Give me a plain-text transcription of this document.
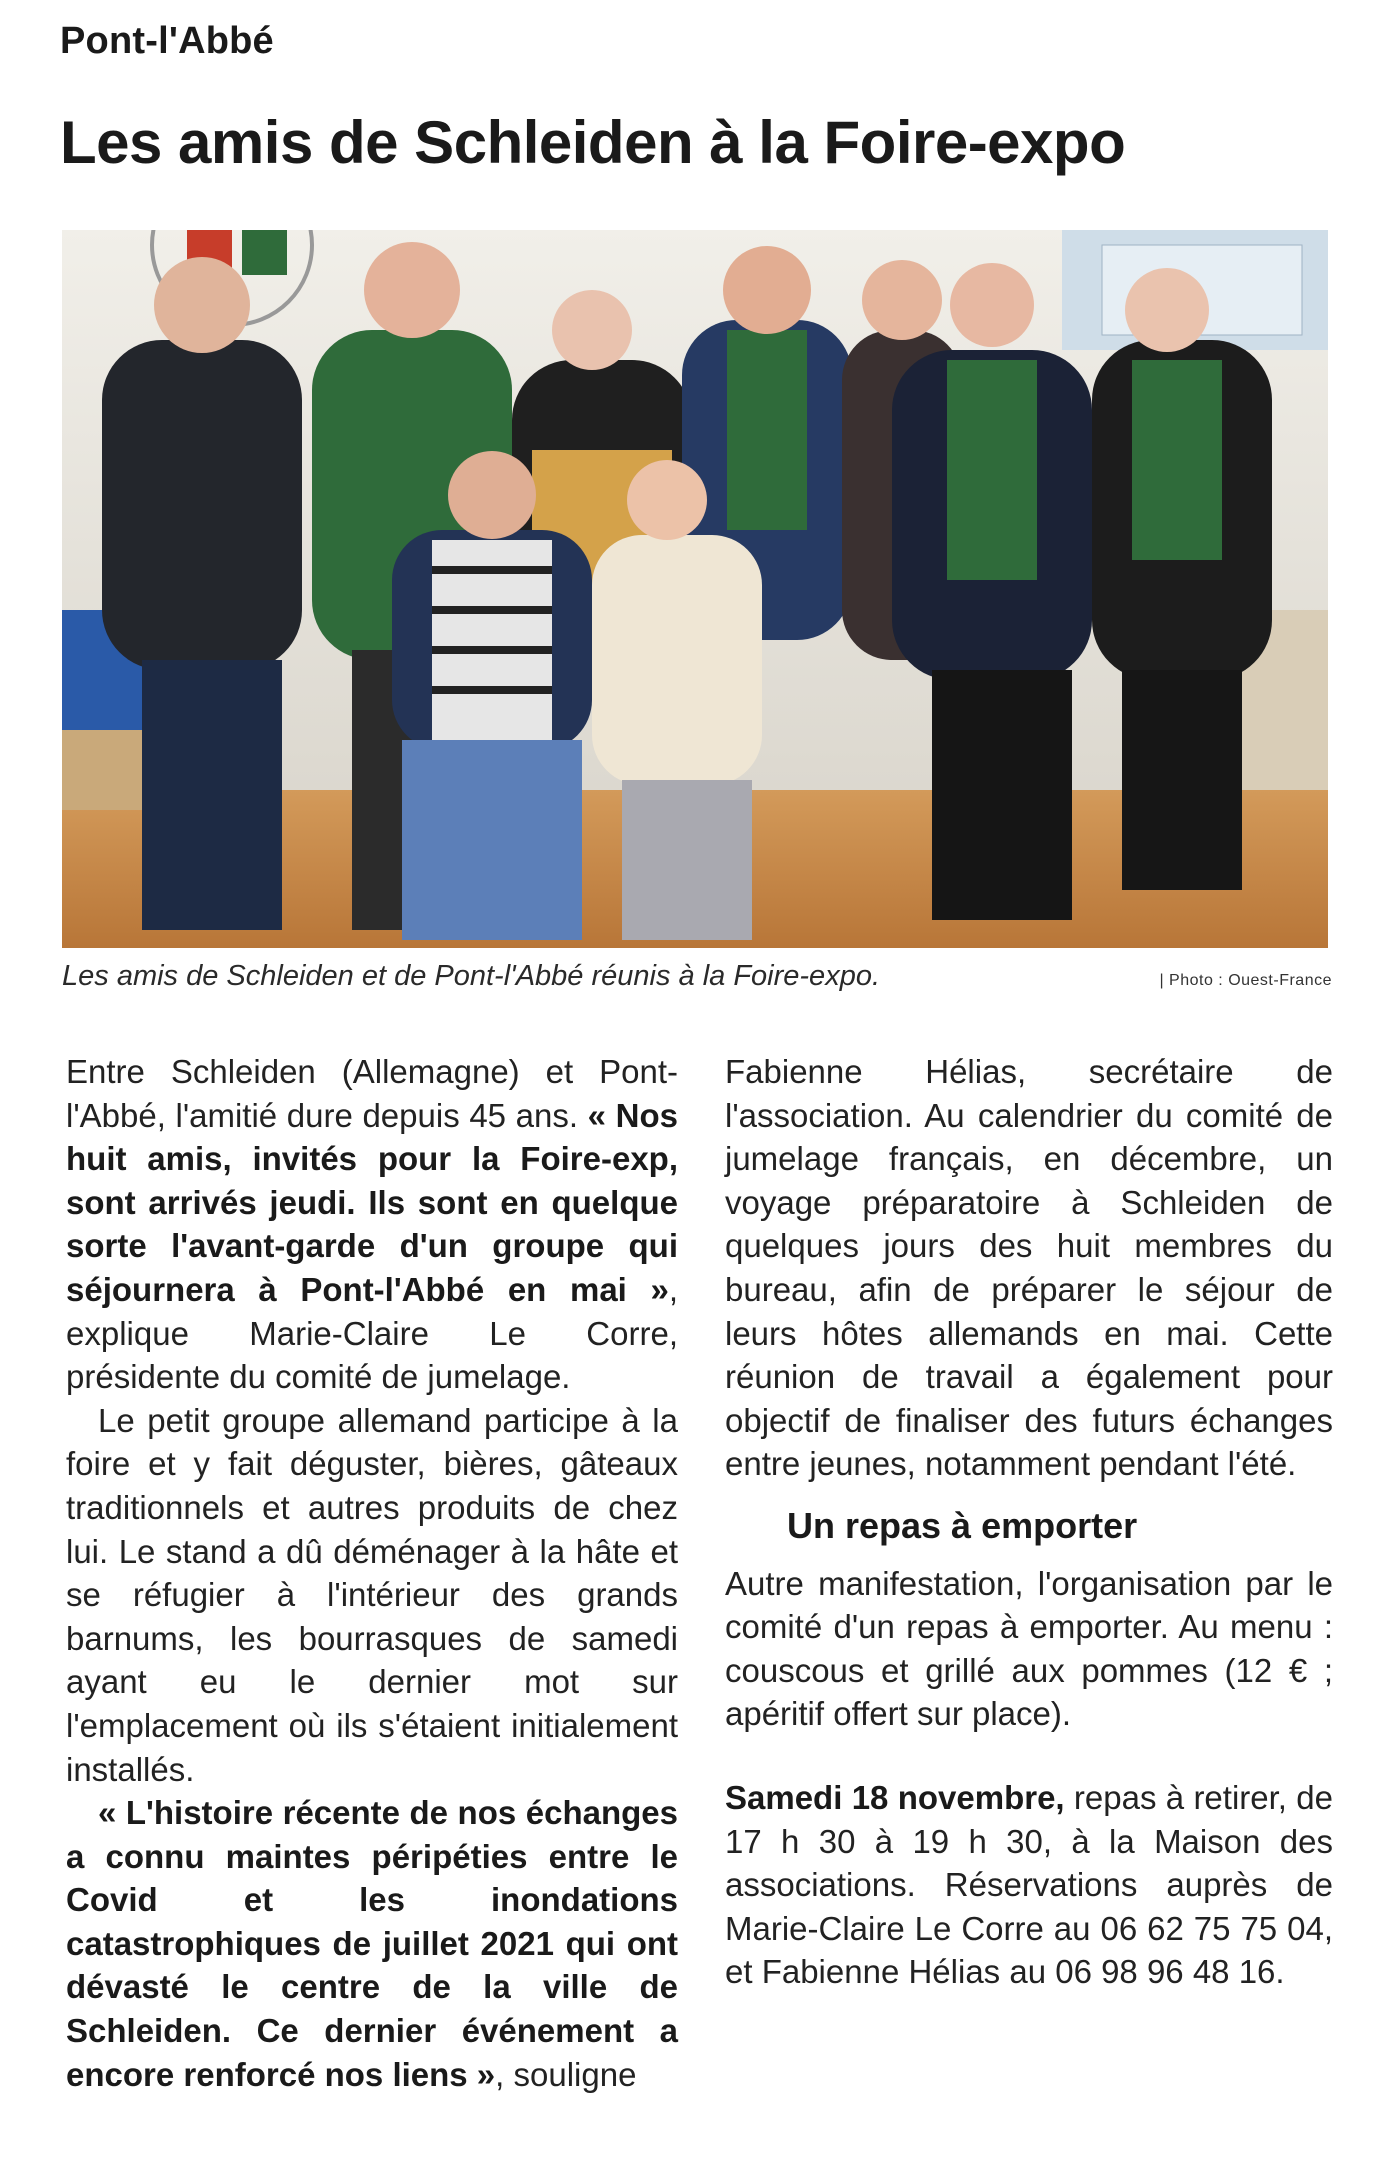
Pont-l'Abbé
Les amis de Schleiden à la Foire-expo
Les amis de Schleiden et de Pont-l'Abbé réunis à la Foire-expo.	| Photo : Ouest-France

Entre Schleiden (Allemagne) et Pont-l'Abbé, l'amitié dure depuis 45 ans. « Nos huit amis, invités pour la Foire-exp, sont arrivés jeudi. Ils sont en quelque sorte l'avant-garde d'un groupe qui séjournera à Pont-l'Abbé en mai », explique Marie-Claire Le Corre, présidente du comité de jumelage.

Le petit groupe allemand participe à la foire et y fait déguster, bières, gâteaux traditionnels et autres produits de chez lui. Le stand a dû déménager à la hâte et se réfugier à l'intérieur des grands barnums, les bourrasques de samedi ayant eu le dernier mot sur l'emplacement où ils s'étaient initialement installés.

« L'histoire récente de nos échanges a connu maintes péripéties entre le Covid et les inondations catastrophiques de juillet 2021 qui ont dévasté le centre de la ville de Schleiden. Ce dernier événement a encore renforcé nos liens », souligne

Fabienne Hélias, secrétaire de l'association. Au calendrier du comité de jumelage français, en décembre, un voyage préparatoire à Schleiden de quelques jours des huit membres du bureau, afin de préparer le séjour de leurs hôtes allemands en mai. Cette réunion de travail a également pour objectif de finaliser des futurs échanges entre jeunes, notamment pendant l'été.

Un repas à emporter

Autre manifestation, l'organisation par le comité d'un repas à emporter. Au menu : couscous et grillé aux pommes (12 € ; apéritif offert sur place).

Samedi 18 novembre, repas à retirer, de 17 h 30 à 19 h 30, à la Maison des associations. Réservations auprès de Marie-Claire Le Corre au 06 62 75 75 04, et Fabienne Hélias au 06 98 96 48 16.
